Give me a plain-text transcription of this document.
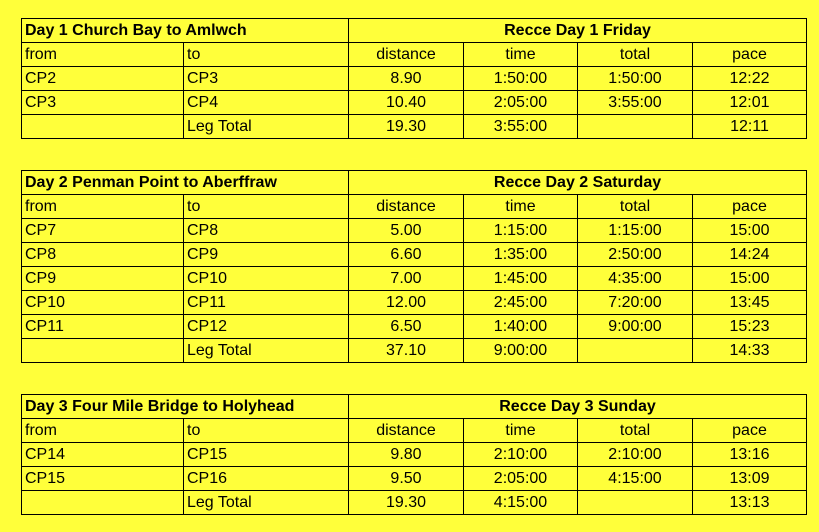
Day 1 Church Bay to Amlwch		Recce Day 1 Friday			
from	to	distance	time	total	pace
CP2	CP3	8.90	1:50:00	1:50:00	12:22
CP3	CP4	10.40	2:05:00	3:55:00	12:01
	Leg Total	19.30	3:55:00		12:11
Day 2 Penman Point to Aberffraw		Recce Day 2 Saturday			
from	to	distance	time	total	pace
CP7	CP8	5.00	1:15:00	1:15:00	15:00
CP8	CP9	6.60	1:35:00	2:50:00	14:24
CP9	CP10	7.00	1:45:00	4:35:00	15:00
CP10	CP11	12.00	2:45:00	7:20:00	13:45
CP11	CP12	6.50	1:40:00	9:00:00	15:23
	Leg Total	37.10	9:00:00		14:33
Day 3 Four Mile Bridge to Holyhead		Recce Day 3 Sunday			
from	to	distance	time	total	pace
CP14	CP15	9.80	2:10:00	2:10:00	13:16
CP15	CP16	9.50	2:05:00	4:15:00	13:09
	Leg Total	19.30	4:15:00		13:13
